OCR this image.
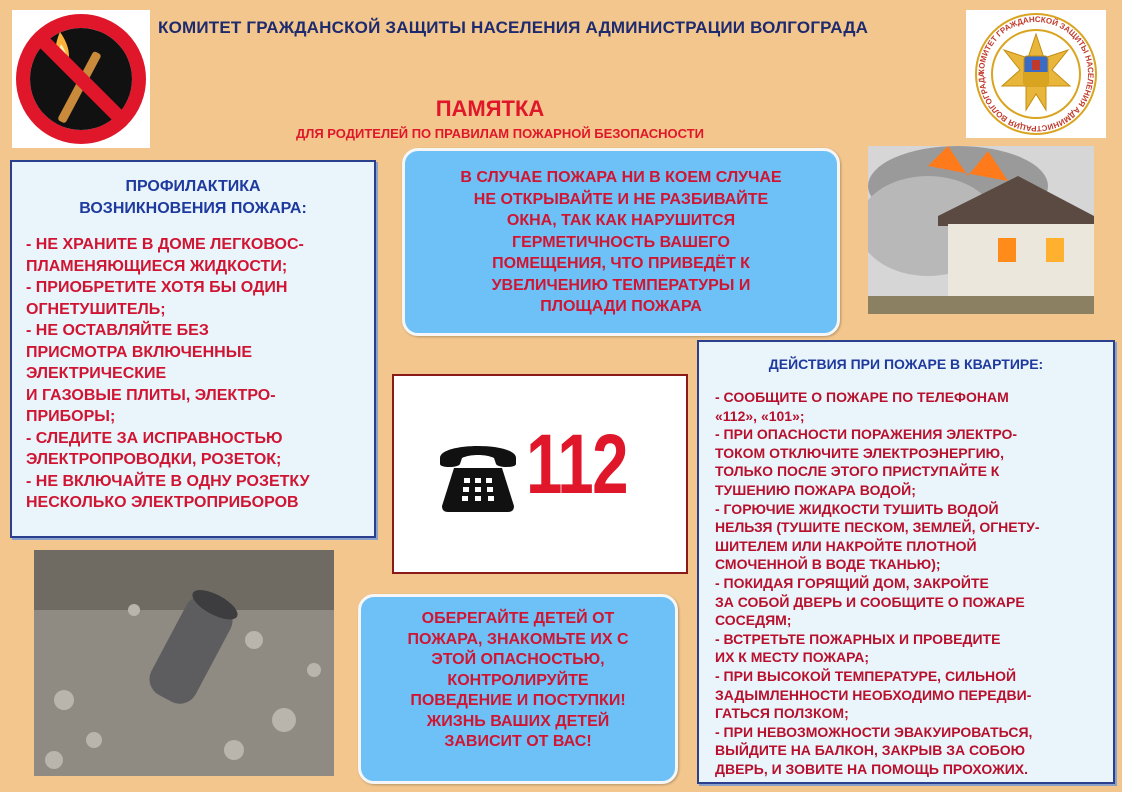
КОМИТЕТ ГРАЖДАНСКОЙ ЗАЩИТЫ НАСЕЛЕНИЯ АДМИНИСТРАЦИИ ВОЛГОГРАДА
КОМИТЕТ ГРАЖДАНСКОЙ ЗАЩИТЫ НАСЕЛЕНИЯ АДМИНИСТРАЦИЯ ВОЛГОГРАДА
ПАМЯТКА
ДЛЯ РОДИТЕЛЕЙ ПО ПРАВИЛАМ ПОЖАРНОЙ БЕЗОПАСНОСТИ
ПРОФИЛАКТИКА
ВОЗНИКНОВЕНИЯ ПОЖАРА:
- НЕ ХРАНИТЕ В ДОМЕ ЛЕГКОВОС-
ПЛАМЕНЯЮЩИЕСЯ ЖИДКОСТИ;
- ПРИОБРЕТИТЕ ХОТЯ БЫ ОДИН
ОГНЕТУШИТЕЛЬ;
- НЕ ОСТАВЛЯЙТЕ БЕЗ
ПРИСМОТРА ВКЛЮЧЕННЫЕ
ЭЛЕКТРИЧЕСКИЕ
И ГАЗОВЫЕ ПЛИТЫ, ЭЛЕКТРО-
ПРИБОРЫ;
- СЛЕДИТЕ ЗА ИСПРАВНОСТЬЮ
ЭЛЕКТРОПРОВОДКИ, РОЗЕТОК;
- НЕ ВКЛЮЧАЙТЕ В ОДНУ РОЗЕТКУ
НЕСКОЛЬКО ЭЛЕКТРОПРИБОРОВ
В СЛУЧАЕ ПОЖАРА НИ В КОЕМ СЛУЧАЕ
НЕ ОТКРЫВАЙТЕ И НЕ РАЗБИВАЙТЕ
ОКНА, ТАК КАК НАРУШИТСЯ
ГЕРМЕТИЧНОСТЬ ВАШЕГО
ПОМЕЩЕНИЯ, ЧТО ПРИВЕДЁТ К
УВЕЛИЧЕНИЮ ТЕМПЕРАТУРЫ И
ПЛОЩАДИ ПОЖАРА
112
ДЕЙСТВИЯ ПРИ ПОЖАРЕ В КВАРТИРЕ:
- СООБЩИТЕ О ПОЖАРЕ ПО ТЕЛЕФОНАМ
«112», «101»;
- ПРИ ОПАСНОСТИ ПОРАЖЕНИЯ ЭЛЕКТРО-
ТОКОМ ОТКЛЮЧИТЕ ЭЛЕКТРОЭНЕРГИЮ,
ТОЛЬКО ПОСЛЕ ЭТОГО ПРИСТУПАЙТЕ К
ТУШЕНИЮ ПОЖАРА ВОДОЙ;
- ГОРЮЧИЕ ЖИДКОСТИ ТУШИТЬ ВОДОЙ
НЕЛЬЗЯ (ТУШИТЕ ПЕСКОМ, ЗЕМЛЕЙ, ОГНЕТУ-
ШИТЕЛЕМ ИЛИ НАКРОЙТЕ ПЛОТНОЙ
СМОЧЕННОЙ В ВОДЕ ТКАНЬЮ);
- ПОКИДАЯ ГОРЯЩИЙ ДОМ, ЗАКРОЙТЕ
ЗА СОБОЙ ДВЕРЬ И СООБЩИТЕ О ПОЖАРЕ
СОСЕДЯМ;
- ВСТРЕТЬТЕ ПОЖАРНЫХ И ПРОВЕДИТЕ
ИХ К МЕСТУ ПОЖАРА;
- ПРИ ВЫСОКОЙ ТЕМПЕРАТУРЕ, СИЛЬНОЙ
ЗАДЫМЛЕННОСТИ НЕОБХОДИМО ПЕРЕДВИ-
ГАТЬСЯ ПОЛЗКОМ;
- ПРИ НЕВОЗМОЖНОСТИ ЭВАКУИРОВАТЬСЯ,
ВЫЙДИТЕ НА БАЛКОН, ЗАКРЫВ ЗА СОБОЮ
ДВЕРЬ, И ЗОВИТЕ НА ПОМОЩЬ ПРОХОЖИХ.
ОБЕРЕГАЙТЕ ДЕТЕЙ ОТ
ПОЖАРА, ЗНАКОМЬТЕ ИХ С
ЭТОЙ ОПАСНОСТЬЮ,
КОНТРОЛИРУЙТЕ
ПОВЕДЕНИЕ И ПОСТУПКИ!
ЖИЗНЬ ВАШИХ ДЕТЕЙ
ЗАВИСИТ ОТ ВАС!
